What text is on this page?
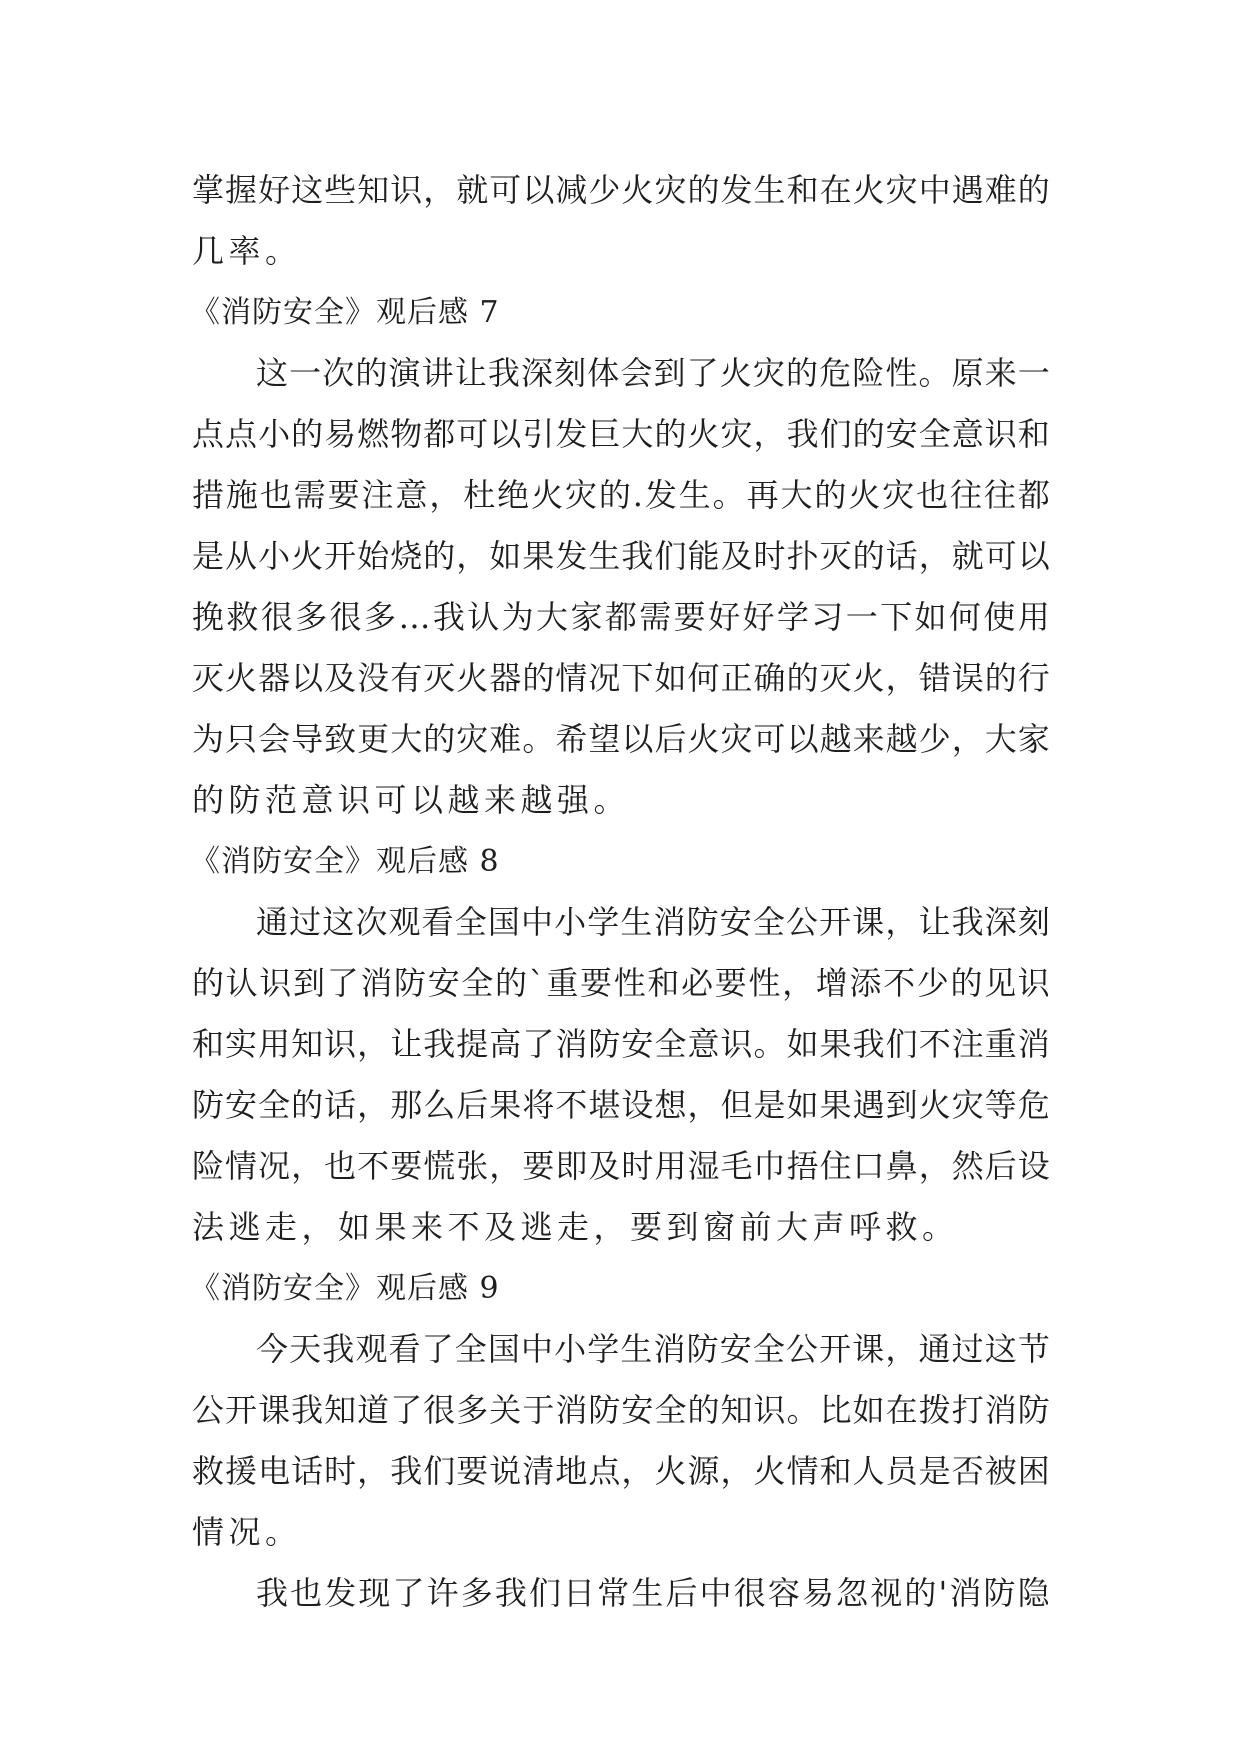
掌 握 好 这 些 知 识 ， 就 可 以 减 少 火 灾 的 发 生 和 在 火 灾 中 遇 难 的
几率。
《消防安全》观后感 7
这 一 次 的 演 讲 让 我 深 刻 体 会 到 了 火 灾 的 危 险 性 。 原 来 一
点 点 小 的 易 燃 物 都 可 以 引 发 巨 大 的 火 灾 ， 我 们 的 安 全 意 识 和
措 施 也 需 要 注 意 ， 杜 绝 火 灾 的 . 发 生 。 再 大 的 火 灾 也 往 往 都
是 从 小 火 开 始 烧 的 ， 如 果 发 生 我 们 能 及 时 扑 灭 的 话 ， 就 可 以
挽 救 很 多 很 多 … 我 认 为 大 家 都 需 要 好 好 学 习 一 下 如 何 使 用
灭 火 器 以 及 没 有 灭 火 器 的 情 况 下 如 何 正 确 的 灭 火 ， 错 误 的 行
为 只 会 导 致 更 大 的 灾 难 。 希 望 以 后 火 灾 可 以 越 来 越 少 ， 大 家
的防范意识可以越来越强。
《消防安全》观后感 8
通 过 这 次 观 看 全 国 中 小 学 生 消 防 安 全 公 开 课 ， 让 我 深 刻
的 认 识 到 了 消 防 安 全 的 ` 重 要 性 和 必 要 性 ， 增 添 不 少 的 见 识
和 实 用 知 识 ， 让 我 提 高 了 消 防 安 全 意 识 。 如 果 我 们 不 注 重 消
防 安 全 的 话 ， 那 么 后 果 将 不 堪 设 想 ， 但 是 如 果 遇 到 火 灾 等 危
险 情 况 ， 也 不 要 慌 张 ， 要 即 及 时 用 湿 毛 巾 捂 住 口 鼻 ， 然 后 设
法逃走，如果来不及逃走，要到窗前大声呼救。
《消防安全》观后感 9
今 天 我 观 看 了 全 国 中 小 学 生 消 防 安 全 公 开 课 ， 通 过 这 节
公 开 课 我 知 道 了 很 多 关 于 消 防 安 全 的 知 识 。 比 如 在 拨 打 消 防
救 援 电 话 时 ， 我 们 要 说 清 地 点 ， 火 源 ， 火 情 和 人 员 是 否 被 困
情况。
我 也 发 现 了 许 多 我 们 日 常 生 后 中 很 容 易 忽 视 的 ' 消 防 隐
